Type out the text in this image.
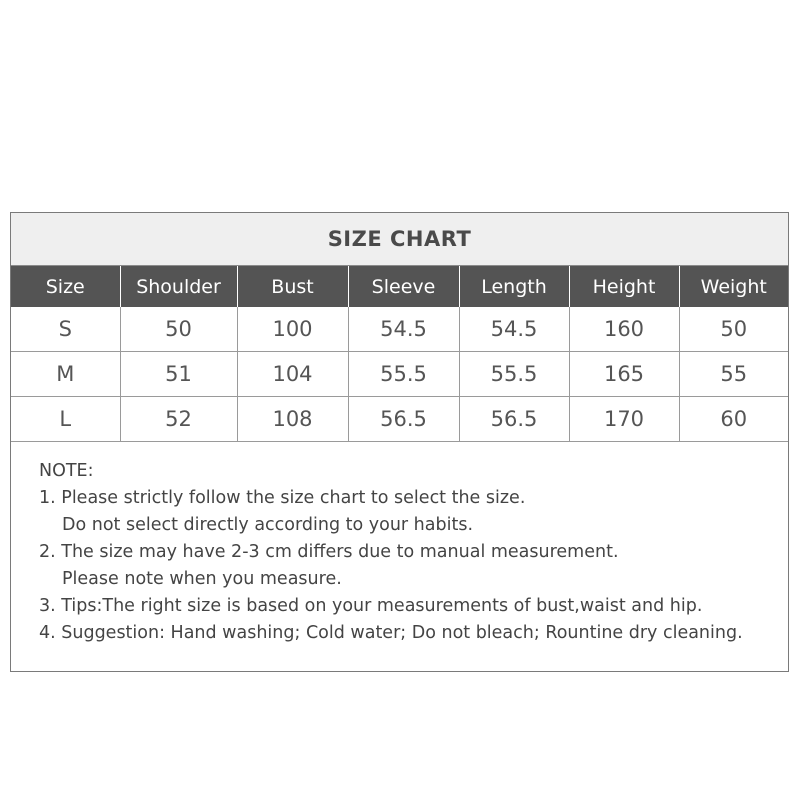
SIZE CHART
Size	Shoulder	Bust	Sleeve	Length	Height	Weight
S	50	100	54.5	54.5	160	50
M	51	104	55.5	55.5	165	55
L	52	108	56.5	56.5	170	60
NOTE:
1. Please strictly follow the size chart to select the size.
Do not select directly according to your habits.
2. The size may have 2-3 cm differs due to manual measurement.
Please note when you measure.
3. Tips:The right size is based on your measurements of bust,waist and hip.
4. Suggestion: Hand washing; Cold water; Do not bleach; Rountine dry cleaning.
